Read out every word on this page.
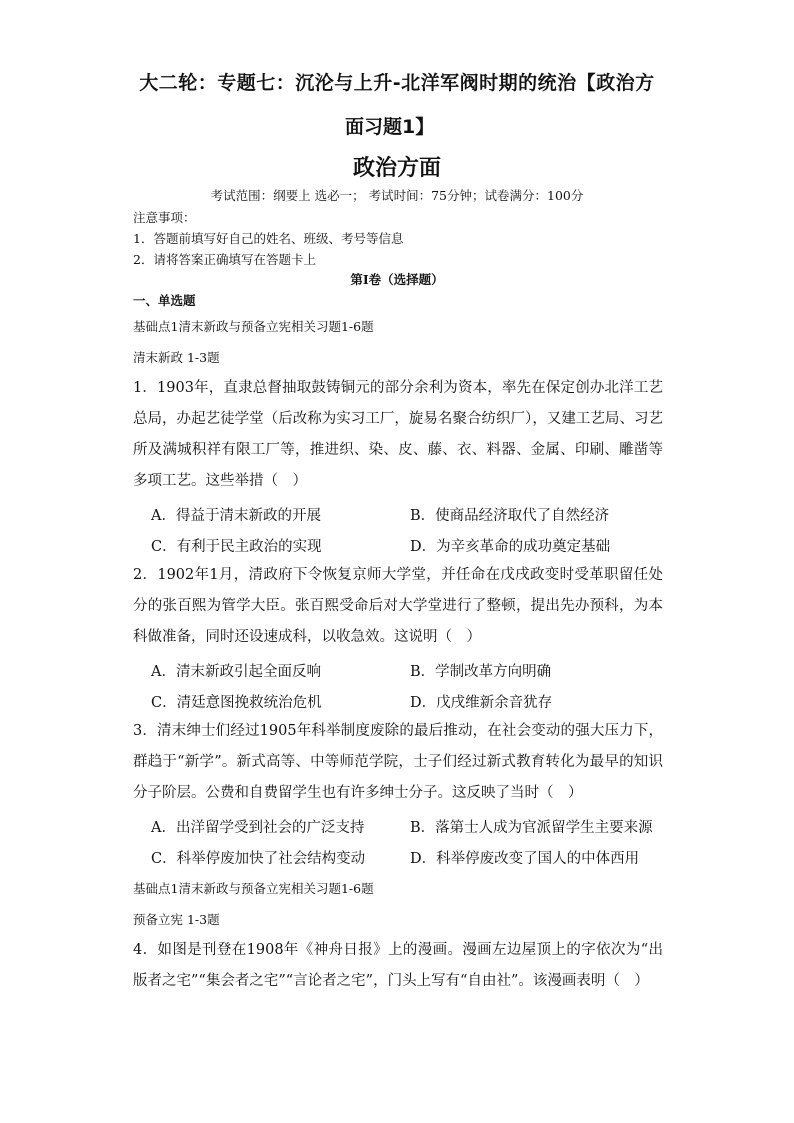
大二轮：专题七：沉沦与上升-北洋军阀时期的统治【政治方
面习题1】
政治方面
考试范围：纲要上 选必一； 考试时间：75分钟；试卷满分：100分
注意事项：
1．答题前填写好自己的姓名、班级、考号等信息
2．请将答案正确填写在答题卡上
第I卷（选择题）
一、单选题
基础点1清末新政与预备立宪相关习题1-6题
清末新政 1-3题
1．1903年，直隶总督抽取鼓铸铜元的部分余利为资本，率先在保定创办北洋工艺总局，办起艺徒学堂（后改称为实习工厂，旋易名聚合纺织厂），又建工艺局、习艺所及满城积祥有限工厂等，推进织、染、皮、藤、衣、料器、金属、印刷、雕凿等多项工艺。这些举措（　）
A．得益于清末新政的开展	B．使商品经济取代了自然经济
C．有利于民主政治的实现	D．为辛亥革命的成功奠定基础
2．1902年1月，清政府下令恢复京师大学堂，并任命在戊戌政变时受革职留任处分的张百熙为管学大臣。张百熙受命后对大学堂进行了整顿，提出先办预科，为本科做准备，同时还设速成科，以收急效。这说明（　）
A．清末新政引起全面反响	B．学制改革方向明确
C．清廷意图挽救统治危机	D．戊戌维新余音犹存
3．清末绅士们经过1905年科举制度废除的最后推动，在社会变动的强大压力下，群趋于“新学”。新式高等、中等师范学院，士子们经过新式教育转化为最早的知识分子阶层。公费和自费留学生也有许多绅士分子。这反映了当时（　）
A．出洋留学受到社会的广泛支持	B．落第士人成为官派留学生主要来源
C．科举停废加快了社会结构变动	D．科举停废改变了国人的中体西用
基础点1清末新政与预备立宪相关习题1-6题
预备立宪 1-3题
4．如图是刊登在1908年《神舟日报》上的漫画。漫画左边屋顶上的字依次为“出版者之宅”“集会者之宅”“言论者之宅”，门头上写有“自由社”。该漫画表明（　）
